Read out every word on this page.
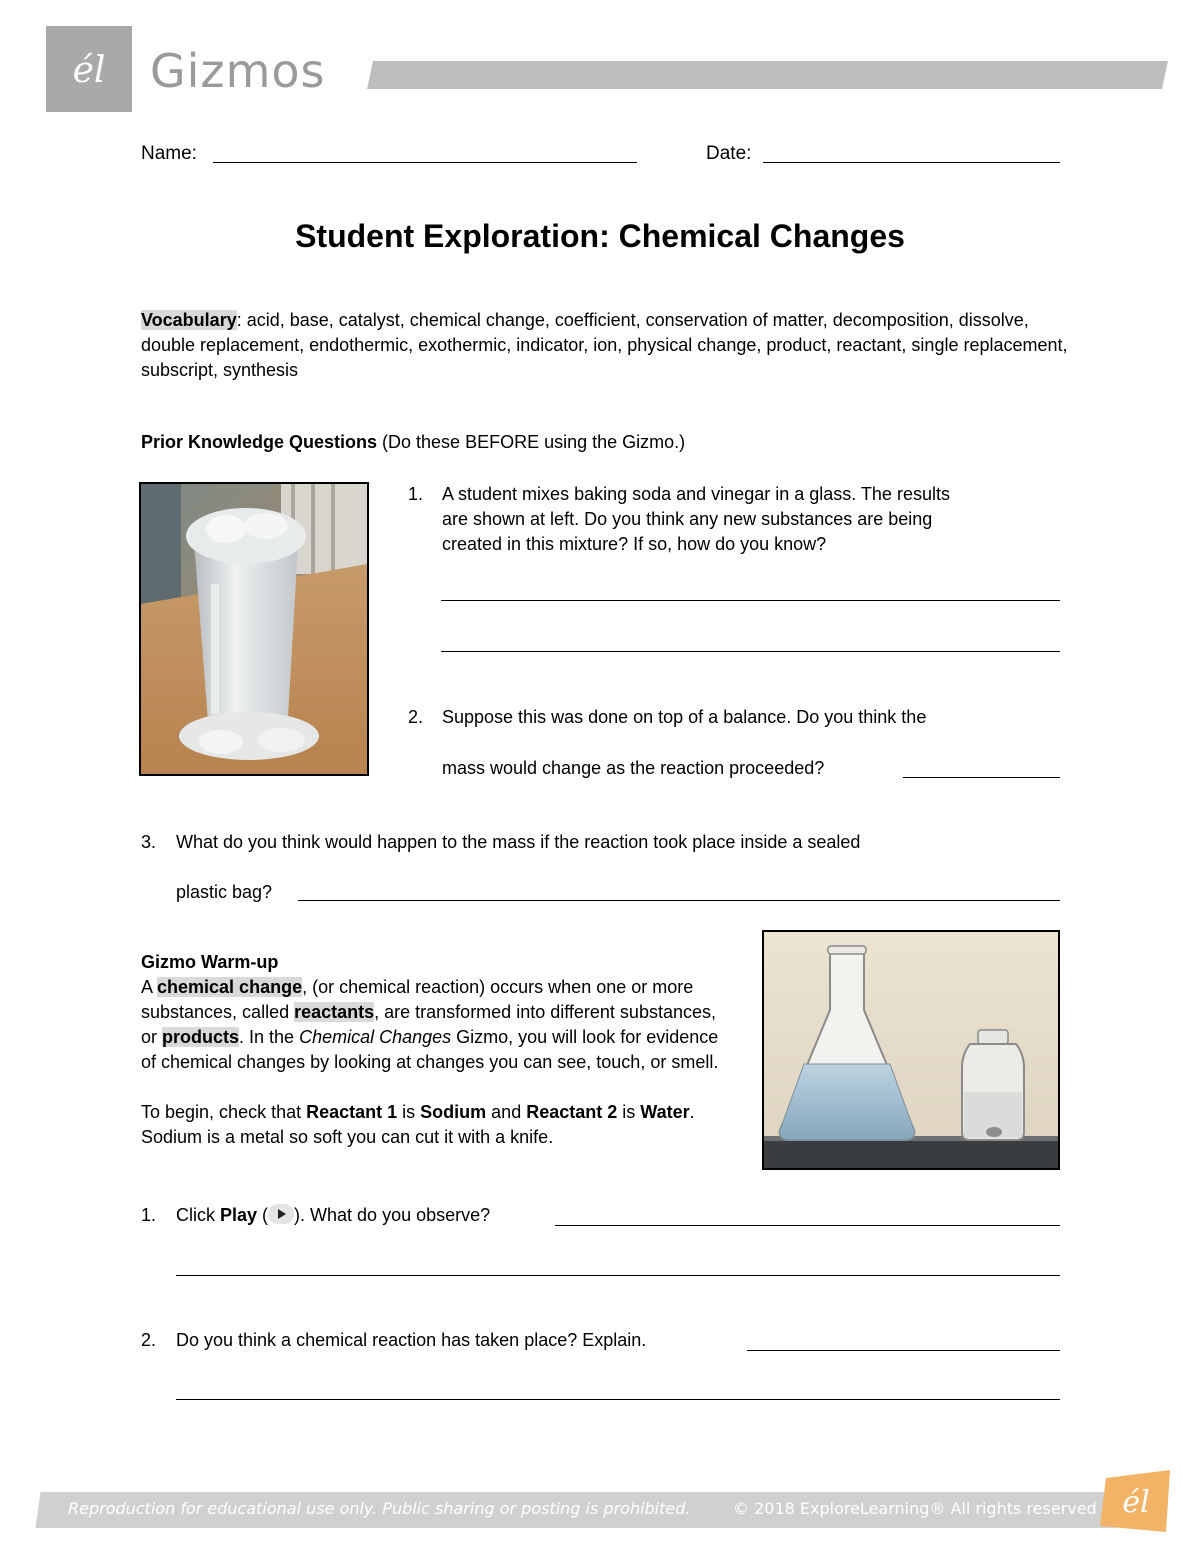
él Gizmos
Name:	Date:
Student Exploration: Chemical Changes
Vocabulary: acid, base, catalyst, chemical change, coefficient, conservation of matter, decomposition, dissolve, double replacement, endothermic, exothermic, indicator, ion, physical change, product, reactant, single replacement, subscript, synthesis
Prior Knowledge Questions (Do these BEFORE using the Gizmo.)
1. A student mixes baking soda and vinegar in a glass. The results
are shown at left. Do you think any new substances are being
created in this mixture? If so, how do you know?
2. Suppose this was done on top of a balance. Do you think the
mass would change as the reaction proceeded?
3. What do you think would happen to the mass if the reaction took place inside a sealed
plastic bag?
Gizmo Warm-up
A chemical change, (or chemical reaction) occurs when one or more substances, called reactants, are transformed into different substances, or products. In the Chemical Changes Gizmo, you will look for evidence of chemical changes by looking at changes you can see, touch, or smell.
To begin, check that Reactant 1 is Sodium and Reactant 2 is Water. Sodium is a metal so soft you can cut it with a knife.
1. Click Play ( ). What do you observe?
2. Do you think a chemical reaction has taken place? Explain.
Reproduction for educational use only. Public sharing or posting is prohibited.	© 2018 ExploreLearning® All rights reserved él
